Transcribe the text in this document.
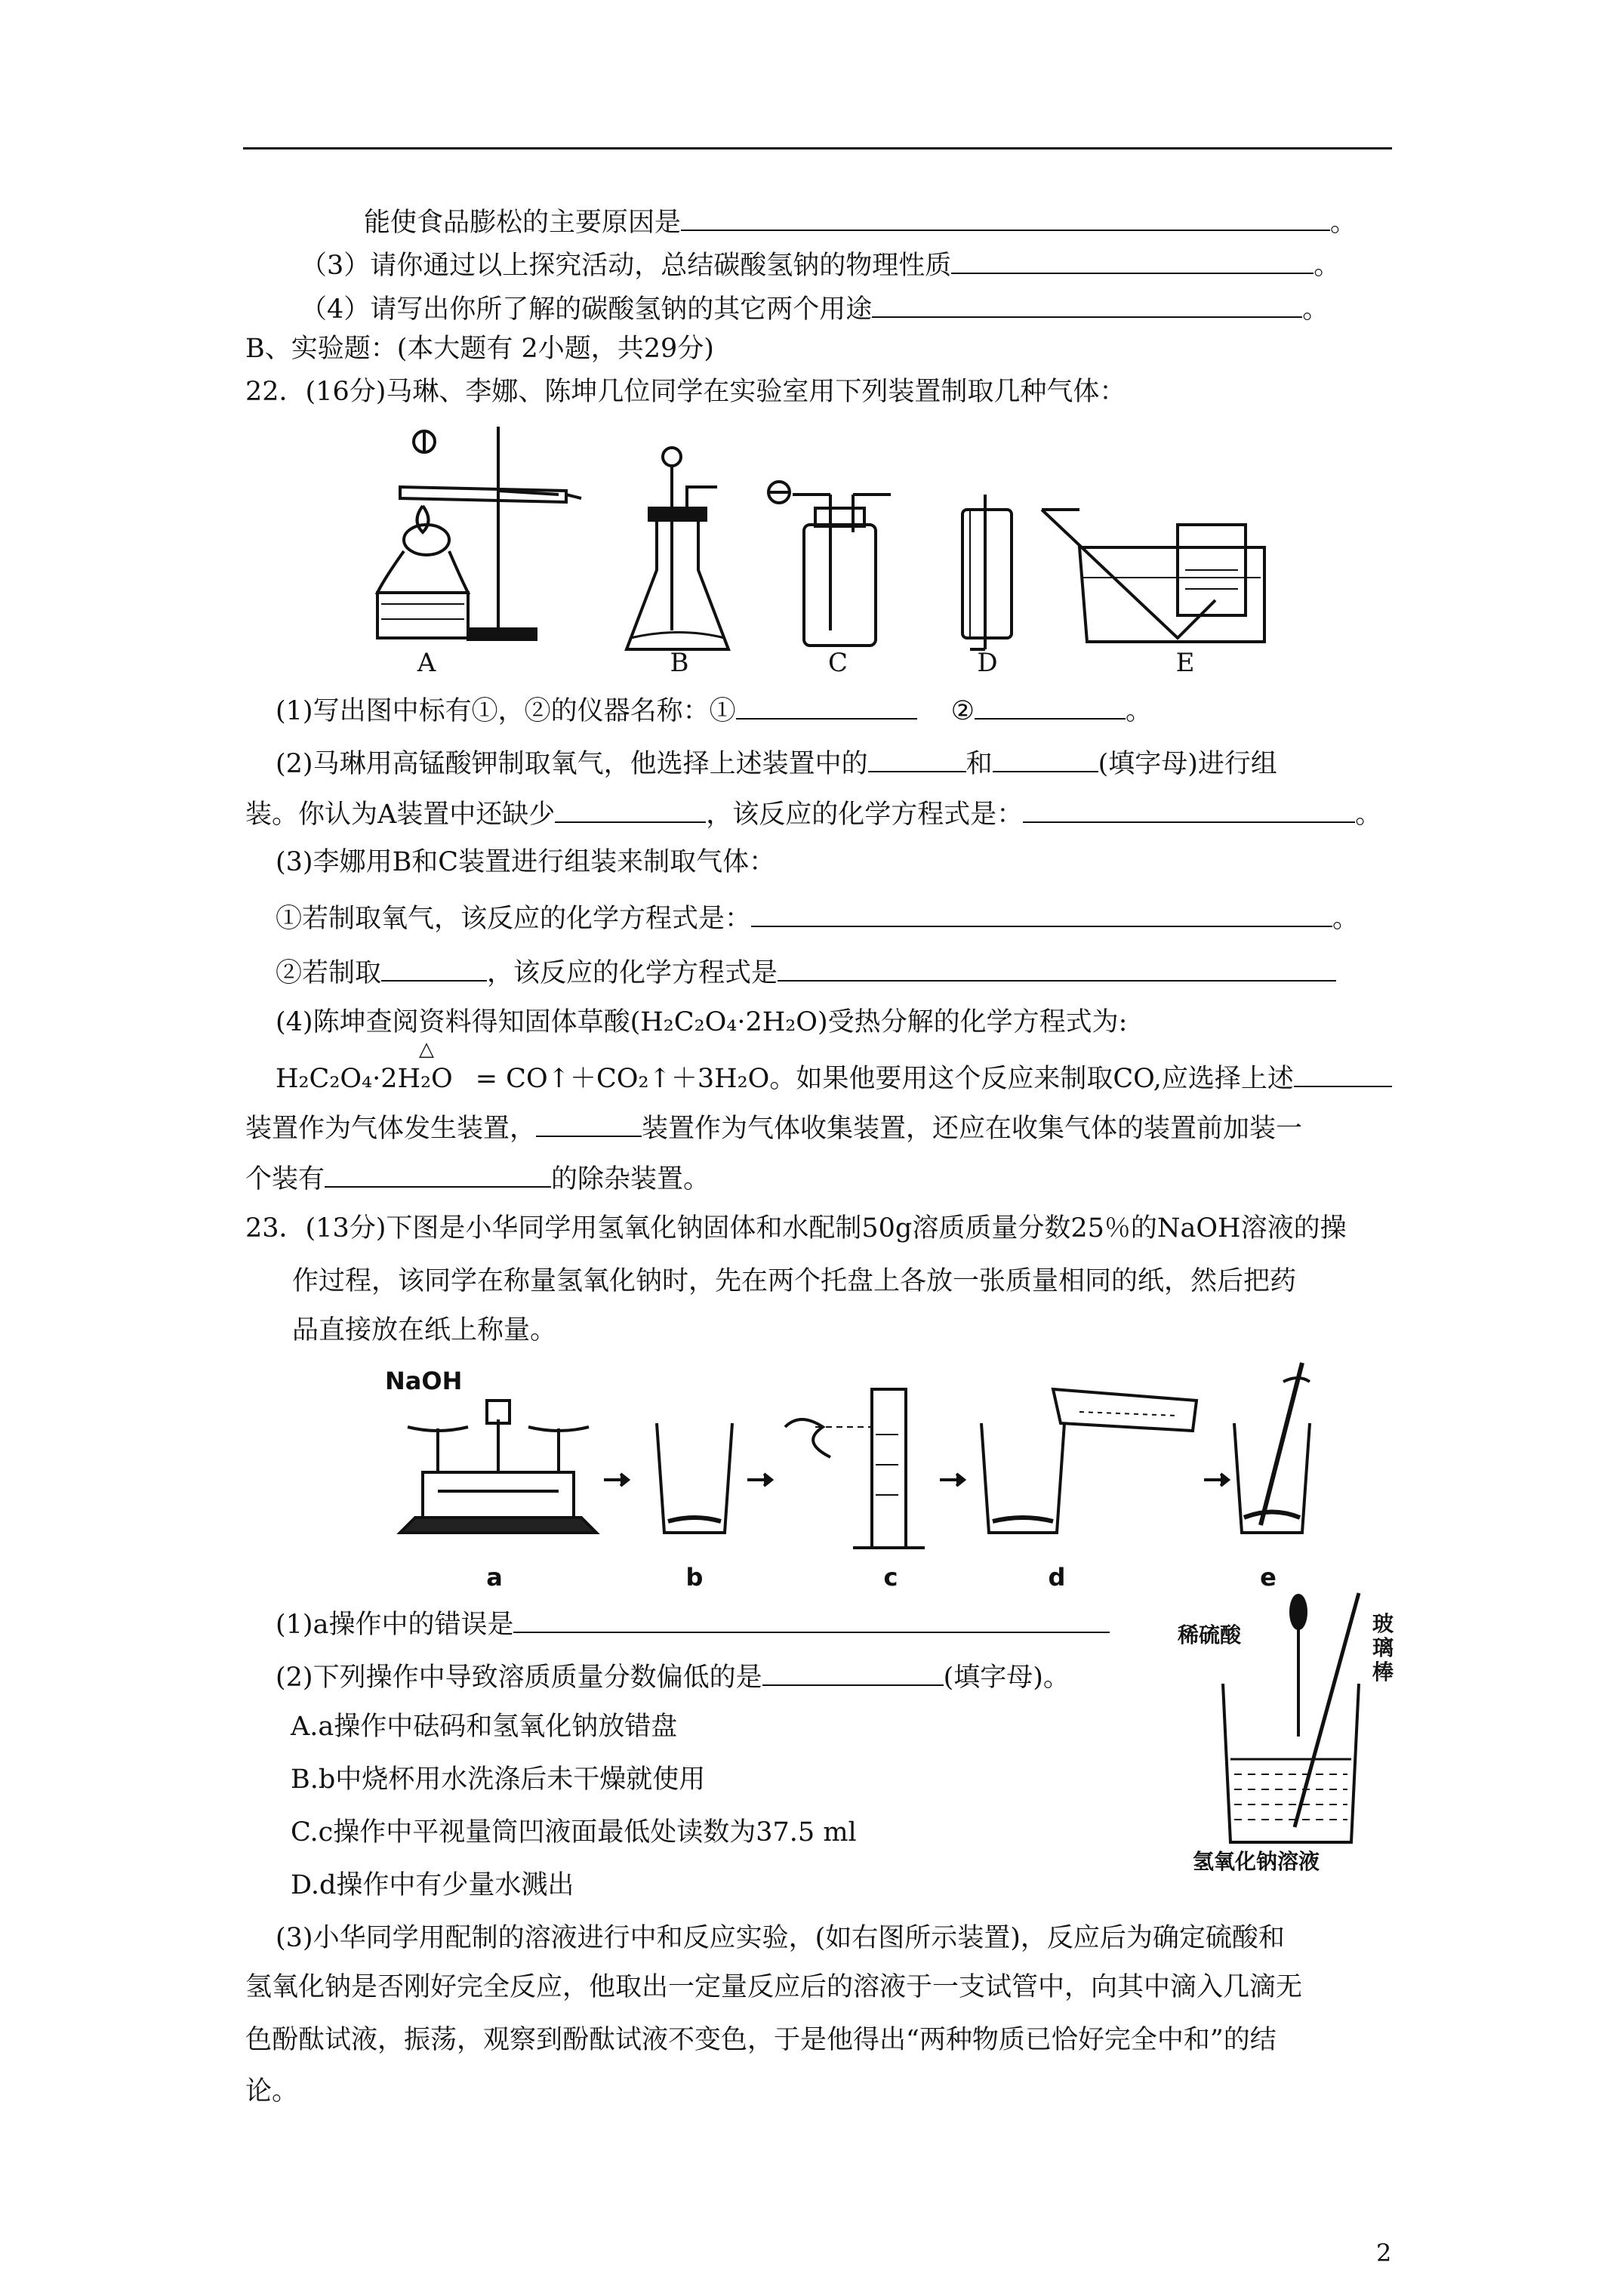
能使食品膨松的主要原因是	。
（3）请你通过以上探究活动，总结碳酸氢钠的物理性质	。
（4）请写出你所了解的碳酸氢钠的其它两个用途	。
B、实验题：(本大题有 2小题，共29分)
22．(16分)马琳、李娜、陈坤几位同学在实验室用下列装置制取几种气体：
A	B	C	D	E
(1)写出图中标有①，②的仪器名称：①	②	。
(2)马琳用高锰酸钾制取氧气，他选择上述装置中的	和	(填字母)进行组
装。你认为A装置中还缺少	，该反应的化学方程式是：	。
(3)李娜用B和C装置进行组装来制取气体：
①若制取氧气，该反应的化学方程式是：	。
②若制取	，该反应的化学方程式是
(4)陈坤查阅资料得知固体草酸(H₂C₂O₄·2H₂O)受热分解的化学方程式为:
△
H₂C₂O₄·2H₂O = CO↑＋CO₂↑＋3H₂O。如果他要用这个反应来制取CO,应选择上述
装置作为气体发生装置，	装置作为气体收集装置，还应在收集气体的装置前加装一
个装有	的除杂装置。
23．(13分)下图是小华同学用氢氧化钠固体和水配制50g溶质质量分数25％的NaOH溶液的操
作过程，该同学在称量氢氧化钠时，先在两个托盘上各放一张质量相同的纸，然后把药
品直接放在纸上称量。
NaOH
a	b	c	d	e
(1)a操作中的错误是
(2)下列操作中导致溶质质量分数偏低的是	(填字母)。
A.a操作中砝码和氢氧化钠放错盘
B.b中烧杯用水洗涤后未干燥就使用
C.c操作中平视量筒凹液面最低处读数为37.5 ml
D.d操作中有少量水溅出
稀硫酸	玻
璃
棒
氢氧化钠溶液
(3)小华同学用配制的溶液进行中和反应实验，(如右图所示装置)，反应后为确定硫酸和
氢氧化钠是否刚好完全反应，他取出一定量反应后的溶液于一支试管中，向其中滴入几滴无
色酚酞试液，振荡，观察到酚酞试液不变色，于是他得出“两种物质已恰好完全中和”的结
论。
2
